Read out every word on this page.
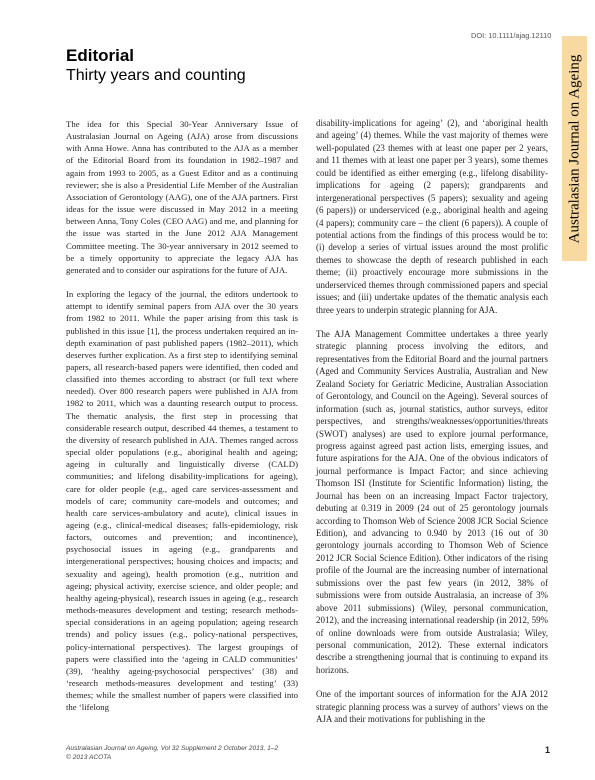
DOI: 10.1111/ajag.12110
Australasian Journal on Ageing
Editorial
Thirty years and counting

The idea for this Special 30-Year Anniversary Issue of Australasian Journal on Ageing (AJA) arose from discussions with Anna Howe. Anna has contributed to the AJA as a member of the Editorial Board from its foundation in 1982–1987 and again from 1993 to 2005, as a Guest Editor and as a continuing reviewer; she is also a Presidential Life Member of the Australian Association of Gerontology (AAG), one of the AJA partners. First ideas for the issue were discussed in May 2012 in a meeting between Anna, Tony Coles (CEO AAG) and me, and planning for the issue was started in the June 2012 AJA Management Committee meeting. The 30-year anniversary in 2012 seemed to be a timely opportunity to appreciate the legacy AJA has generated and to consider our aspirations for the future of AJA.

In exploring the legacy of the journal, the editors undertook to attempt to identify seminal papers from AJA over the 30 years from 1982 to 2011. While the paper arising from this task is published in this issue [1], the process undertaken required an in-depth examination of past published papers (1982–2011), which deserves further explication. As a first step to identifying seminal papers, all research-based papers were identified, then coded and classified into themes according to abstract (or full text where needed). Over 800 research papers were published in AJA from 1982 to 2011, which was a daunting research output to process. The thematic analysis, the first step in processing that considerable research output, described 44 themes, a testament to the diversity of research published in AJA. Themes ranged across special older populations (e.g., aboriginal health and ageing; ageing in culturally and linguistically diverse (CALD) communities; and lifelong disability-implications for ageing), care for older people (e.g., aged care services-assessment and models of care; community care-models and outcomes; and health care services-ambulatory and acute), clinical issues in ageing (e.g., clinical-medical diseases; falls-epidemiology, risk factors, outcomes and prevention; and incontinence), psychosocial issues in ageing (e.g., grandparents and intergenerational perspectives; housing choices and impacts; and sexuality and ageing), health promotion (e.g., nutrition and ageing; physical activity, exercise science, and older people; and healthy ageing-physical), research issues in ageing (e.g., research methods-measures development and testing; research methods-special considerations in an ageing population; ageing research trends) and policy issues (e.g., policy-national perspectives, policy-international perspectives). The largest groupings of papers were classified into the ‘ageing in CALD communities’ (39), ‘healthy ageing-psychosocial perspectives’ (38) and ‘research methods-measures development and testing’ (33) themes; while the smallest number of papers were classified into the ‘lifelong

disability-implications for ageing’ (2), and ‘aboriginal health and ageing’ (4) themes. While the vast majority of themes were well-populated (23 themes with at least one paper per 2 years, and 11 themes with at least one paper per 3 years), some themes could be identified as either emerging (e.g., lifelong disability-implications for ageing (2 papers); grandparents and intergenerational perspectives (5 papers); sexuality and ageing (6 papers)) or underserviced (e.g., aboriginal health and ageing (4 papers); community care – the client (6 papers)). A couple of potential actions from the findings of this process would be to: (i) develop a series of virtual issues around the most prolific themes to showcase the depth of research published in each theme; (ii) proactively encourage more submissions in the underserviced themes through commissioned papers and special issues; and (iii) undertake updates of the thematic analysis each three years to underpin strategic planning for AJA.

The AJA Management Committee undertakes a three yearly strategic planning process involving the editors, and representatives from the Editorial Board and the journal partners (Aged and Community Services Australia, Australian and New Zealand Society for Geriatric Medicine, Australian Association of Gerontology, and Council on the Ageing). Several sources of information (such as, journal statistics, author surveys, editor perspectives, and strengths/weaknesses/opportunities/threats (SWOT) analyses) are used to explore journal performance, progress against agreed past action lists, emerging issues, and future aspirations for the AJA. One of the obvious indicators of journal performance is Impact Factor; and since achieving Thomson ISI (Institute for Scientific Information) listing, the Journal has been on an increasing Impact Factor trajectory, debuting at 0.319 in 2009 (24 out of 25 gerontology journals according to Thomson Web of Science 2008 JCR Social Science Edition), and advancing to 0.940 by 2013 (16 out of 30 gerontology journals according to Thomson Web of Science 2012 JCR Social Science Edition). Other indicators of the rising profile of the Journal are the increasing number of international submissions over the past few years (in 2012, 38% of submissions were from outside Australasia, an increase of 3% above 2011 submissions) (Wiley, personal communication, 2012), and the increasing international readership (in 2012, 59% of online downloads were from outside Australasia; Wiley, personal communication, 2012). These external indicators describe a strengthening journal that is continuing to expand its horizons.

One of the important sources of information for the AJA 2012 strategic planning process was a survey of authors’ views on the AJA and their motivations for publishing in the

Australasian Journal on Ageing, Vol 32 Supplement 2 October 2013, 1–2
© 2013 ACOTA
1
